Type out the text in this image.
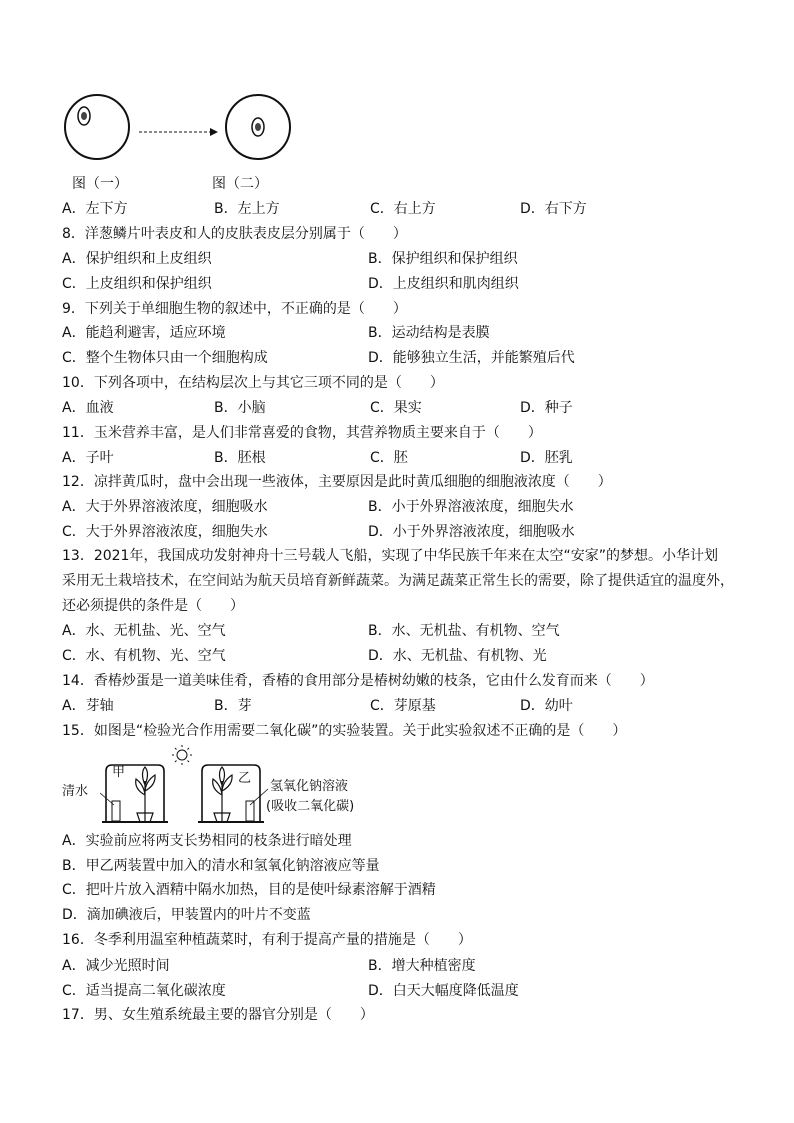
图（一）	图（二）
A．左下方	B．左上方	C．右上方	D．右下方
8．洋葱鳞片叶表皮和人的皮肤表皮层分别属于（　　）
A．保护组织和上皮组织	B．保护组织和保护组织
C．上皮组织和保护组织	D．上皮组织和肌肉组织
9．下列关于单细胞生物的叙述中，不正确的是（　　）
A．能趋利避害，适应环境	B．运动结构是表膜
C．整个生物体只由一个细胞构成	D．能够独立生活，并能繁殖后代
10．下列各项中，在结构层次上与其它三项不同的是（　　）
A．血液	B．小脑	C．果实	D．种子
11．玉米营养丰富，是人们非常喜爱的食物，其营养物质主要来自于（　　）
A．子叶	B．胚根	C．胚	D．胚乳
12．凉拌黄瓜时，盘中会出现一些液体，主要原因是此时黄瓜细胞的细胞液浓度（　　）
A．大于外界溶液浓度，细胞吸水	B．小于外界溶液浓度，细胞失水
C．大于外界溶液浓度，细胞失水	D．小于外界溶液浓度，细胞吸水
13．2021年，我国成功发射神舟十三号载人飞船，实现了中华民族千年来在太空“安家”的梦想。小华计划
采用无土栽培技术，在空间站为航天员培育新鲜蔬菜。为满足蔬菜正常生长的需要，除了提供适宜的温度外，
还必须提供的条件是（　　）
A．水、无机盐、光、空气	B．水、无机盐、有机物、空气
C．水、有机物、光、空气	D．水、无机盐、有机物、光
14．香椿炒蛋是一道美味佳肴，香椿的食用部分是椿树幼嫩的枝条，它由什么发育而来（　　）
A．芽轴	B．芽	C．芽原基	D．幼叶
15．如图是“检验光合作用需要二氧化碳”的实验装置。关于此实验叙述不正确的是（　　）
清水
甲	乙
氢氧化钠溶液
(吸收二氧化碳)
A．实验前应将两支长势相同的枝条进行暗处理
B．甲乙两装置中加入的清水和氢氧化钠溶液应等量
C．把叶片放入酒精中隔水加热，目的是使叶绿素溶解于酒精
D．滴加碘液后，甲装置内的叶片不变蓝
16．冬季利用温室种植蔬菜时，有利于提高产量的措施是（　　）
A．减少光照时间	B．增大种植密度
C．适当提高二氧化碳浓度	D．白天大幅度降低温度
17．男、女生殖系统最主要的器官分别是（　　）
